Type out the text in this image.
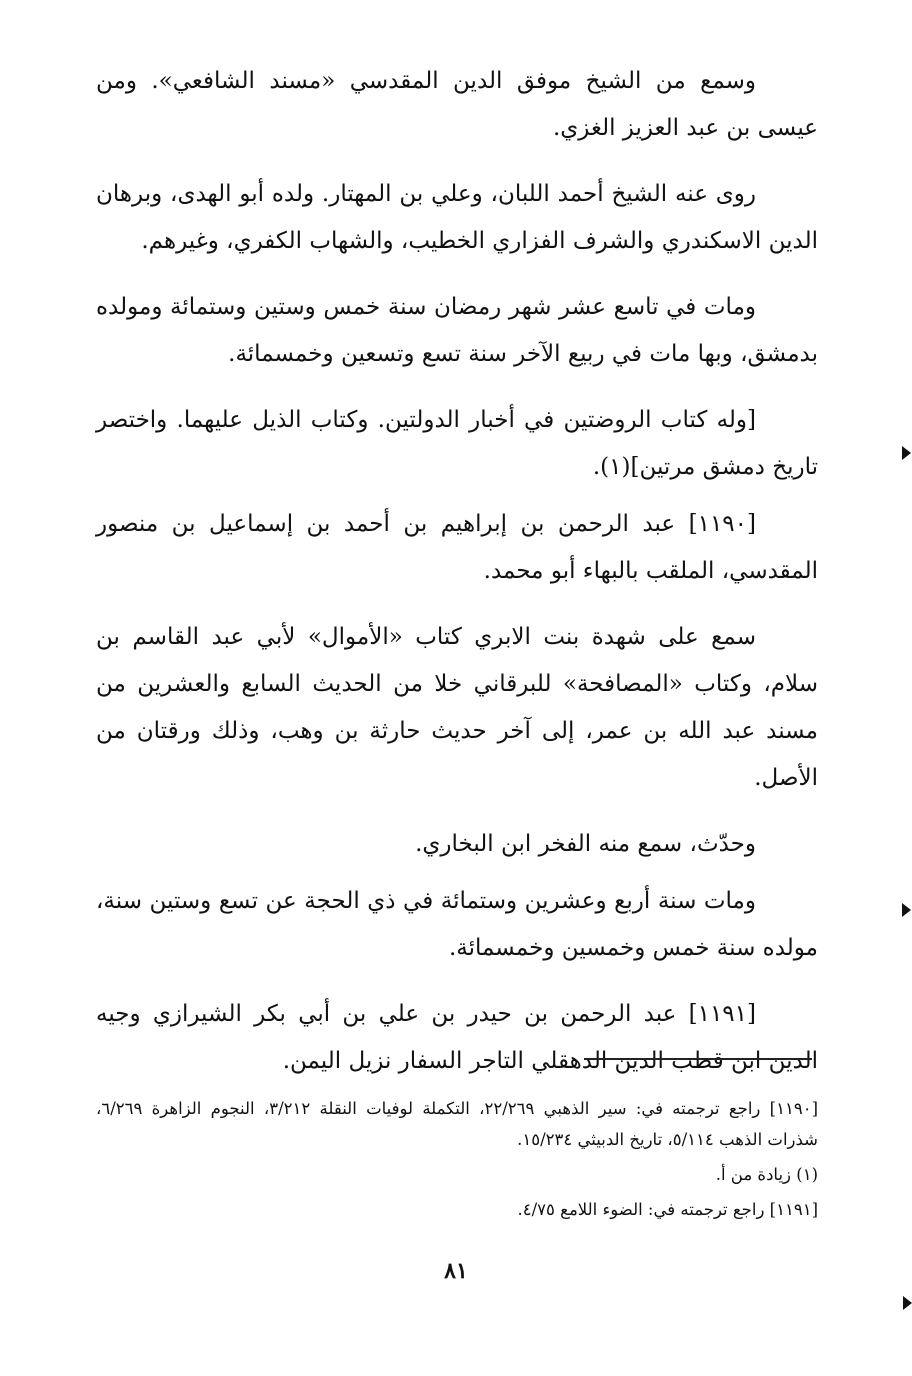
وسمع من الشيخ موفق الدين المقدسي «مسند الشافعي». ومن عيسى بن عبد العزيز الغزي.

روى عنه الشيخ أحمد اللبان، وعلي بن المهتار. ولده أبو الهدى، وبرهان الدين الاسكندري والشرف الفزاري الخطيب، والشهاب الكفري، وغيرهم.

ومات في تاسع عشر شهر رمضان سنة خمس وستين وستمائة ومولده بدمشق، وبها مات في ربيع الآخر سنة تسع وتسعين وخمسمائة.

[وله كتاب الروضتين في أخبار الدولتين. وكتاب الذيل عليهما. واختصر تاريخ دمشق مرتين](١).

[١١٩٠] عبد الرحمن بن إبراهيم بن أحمد بن إسماعيل بن منصور المقدسي، الملقب بالبهاء أبو محمد.

سمع على شهدة بنت الابري كتاب «الأموال» لأبي عبد القاسم بن سلام، وكتاب «المصافحة» للبرقاني خلا من الحديث السابع والعشرين من مسند عبد الله بن عمر، إلى آخر حديث حارثة بن وهب، وذلك ورقتان من الأصل.

وحدّث، سمع منه الفخر ابن البخاري.

ومات سنة أربع وعشرين وستمائة في ذي الحجة عن تسع وستين سنة، مولده سنة خمس وخمسين وخمسمائة.

[١١٩١] عبد الرحمن بن حيدر بن علي بن أبي بكر الشيرازي وجيه الدين ابن قطب الدين الدهقلي التاجر السفار نزيل اليمن.

[١١٩٠] راجع ترجمته في: سير الذهبي ٢٢/٢٦٩، التكملة لوفيات النقلة ٣/٢١٢، النجوم الزاهرة ٦/٢٦٩، شذرات الذهب ٥/١١٤، تاريخ الدبيثي ١٥/٢٣٤.

(١) زيادة من أ.

[١١٩١] راجع ترجمته في: الضوء اللامع ٤/٧٥.

٨١
